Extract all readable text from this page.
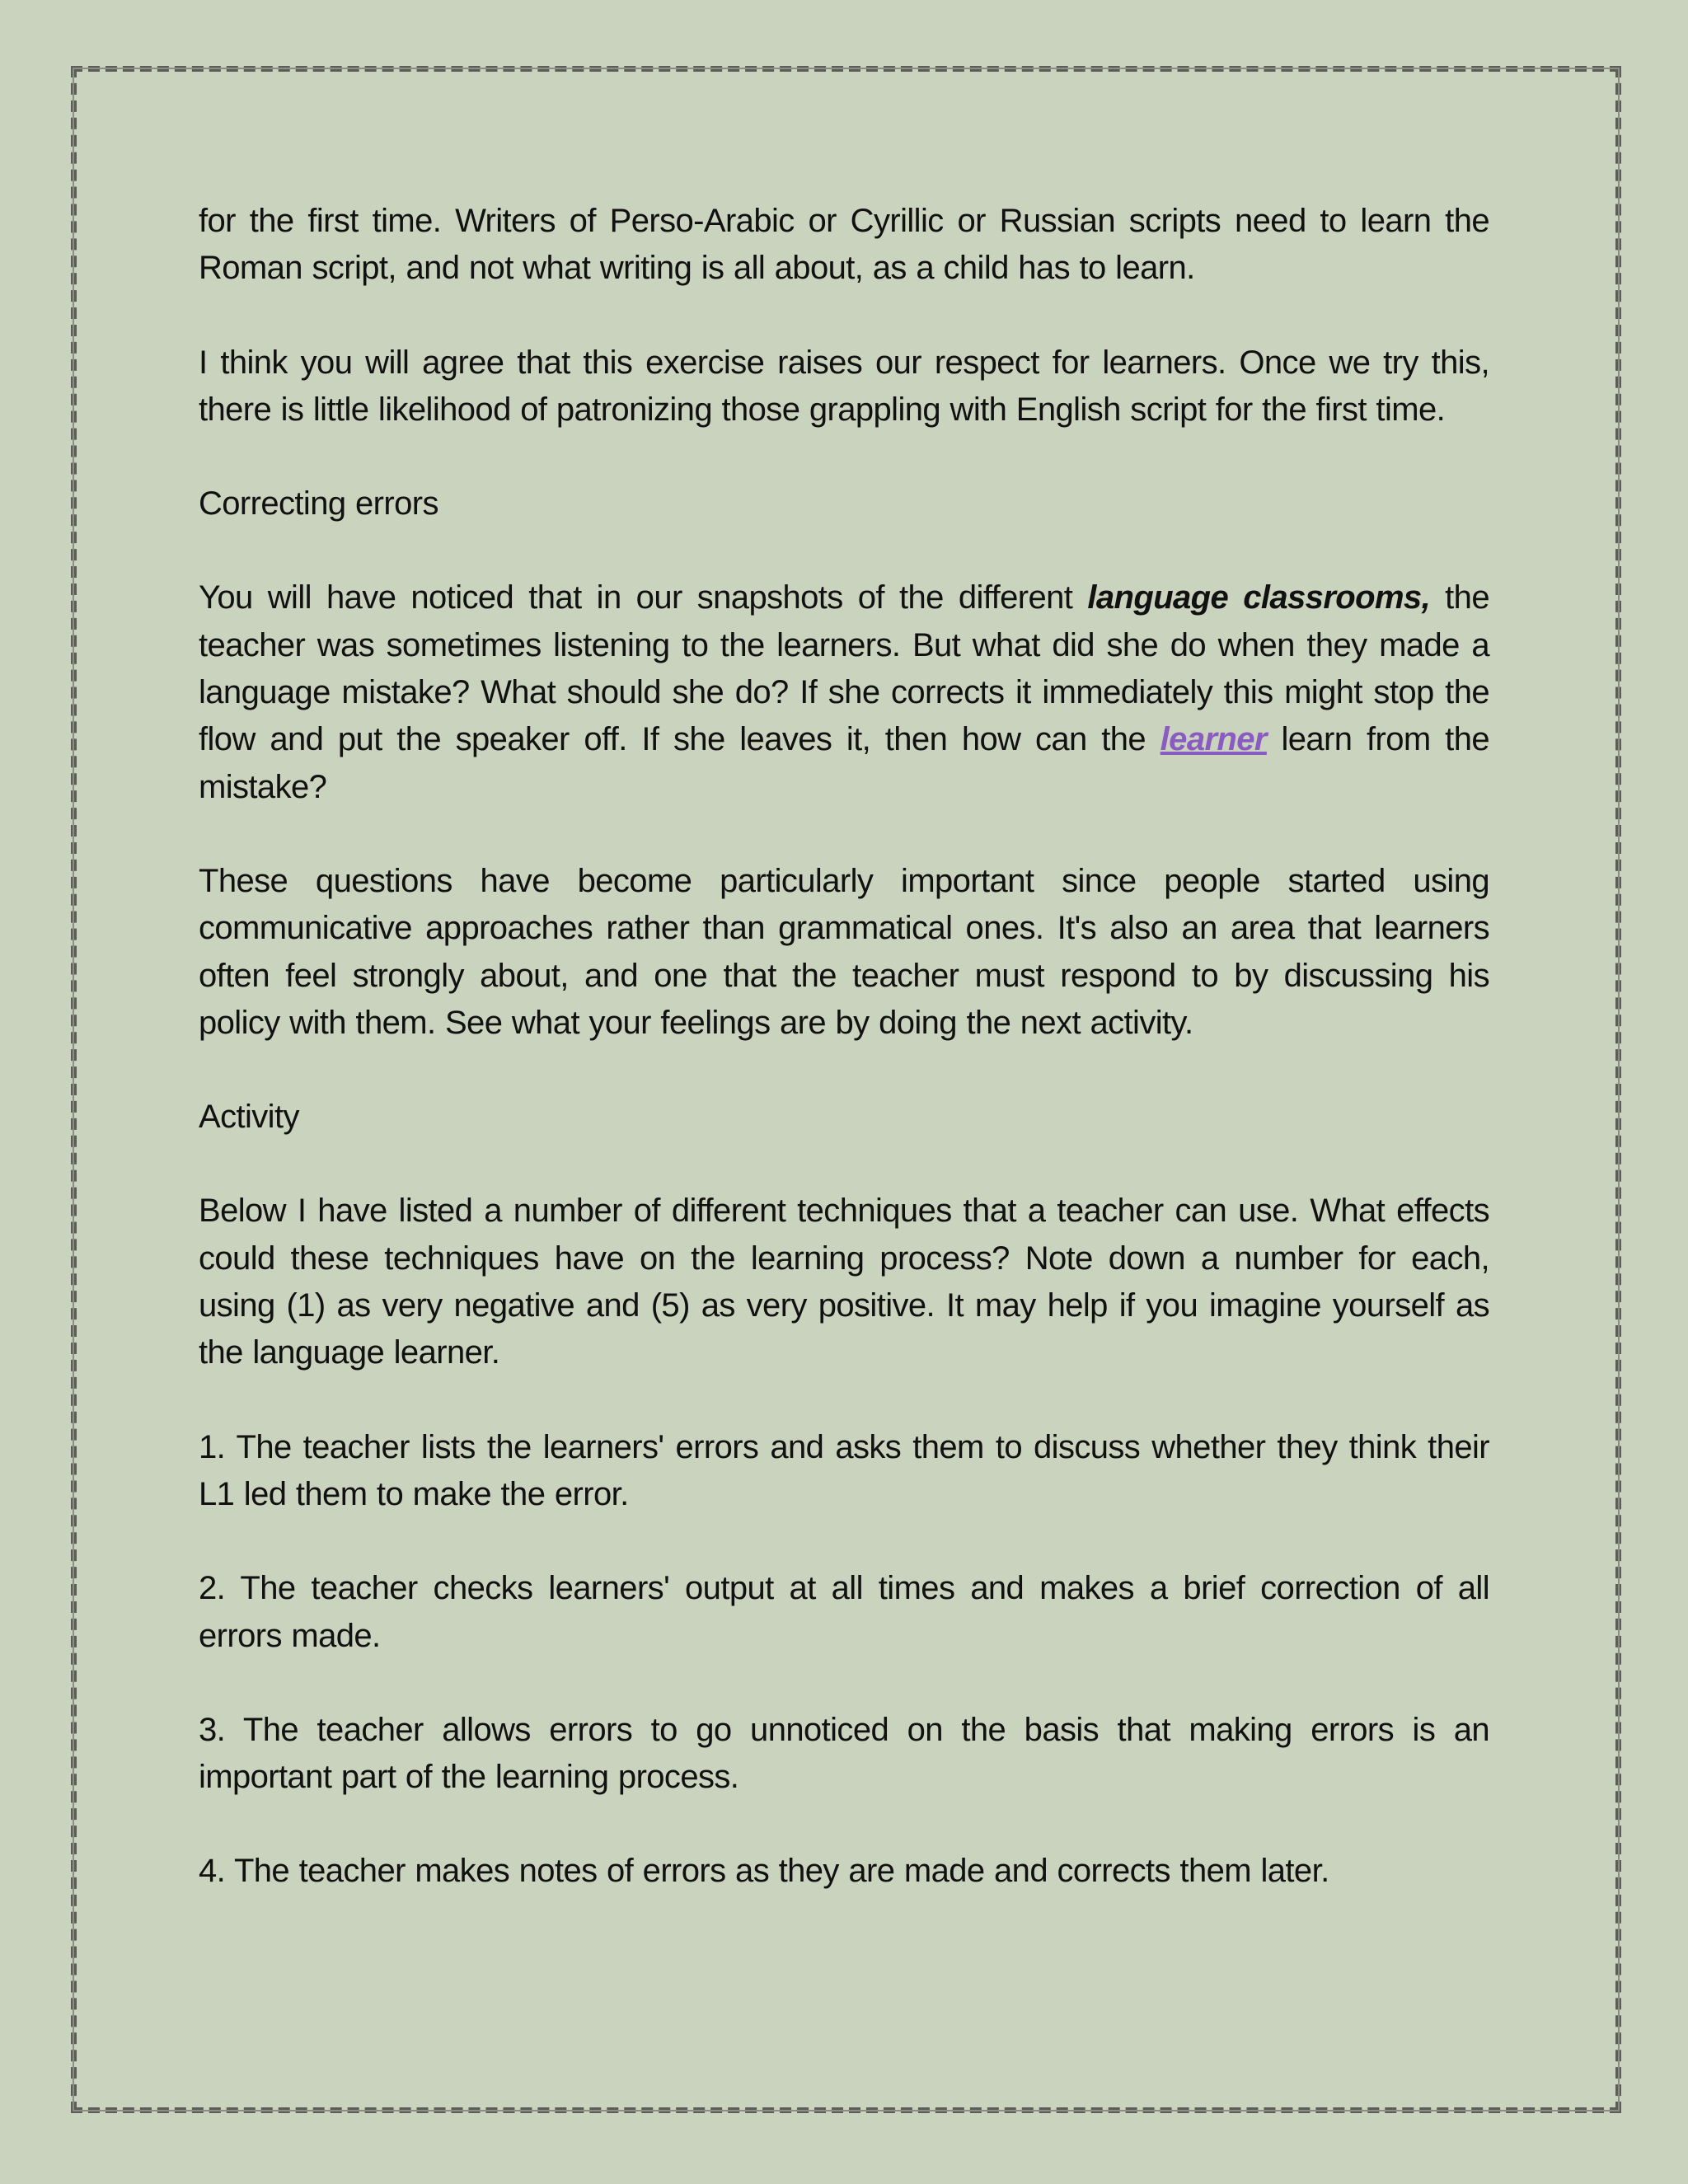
for the first time. Writers of Perso-Arabic or Cyrillic or Russian scripts need to learn the Roman script, and not what writing is all about, as a child has to learn.

I think you will agree that this exercise raises our respect for learners. Once we try this, there is little likelihood of patronizing those grappling with English script for the first time.

Correcting errors

You will have noticed that in our snapshots of the different language classrooms, the teacher was sometimes listening to the learners. But what did she do when they made a language mistake? What should she do? If she corrects it immediately this might stop the flow and put the speaker off. If she leaves it, then how can the learner learn from the mistake?

These questions have become particularly important since people started using communicative approaches rather than grammatical ones. It's also an area that learners often feel strongly about, and one that the teacher must respond to by discussing his policy with them. See what your feelings are by doing the next activity.

Activity

Below I have listed a number of different techniques that a teacher can use. What effects could these techniques have on the learning process? Note down a number for each, using (1) as very negative and (5) as very positive. It may help if you imagine yourself as the language learner.

1. The teacher lists the learners' errors and asks them to discuss whether they think their L1 led them to make the error.

2. The teacher checks learners' output at all times and makes a brief correction of all errors made.

3. The teacher allows errors to go unnoticed on the basis that making errors is an important part of the learning process.

4. The teacher makes notes of errors as they are made and corrects them later.
